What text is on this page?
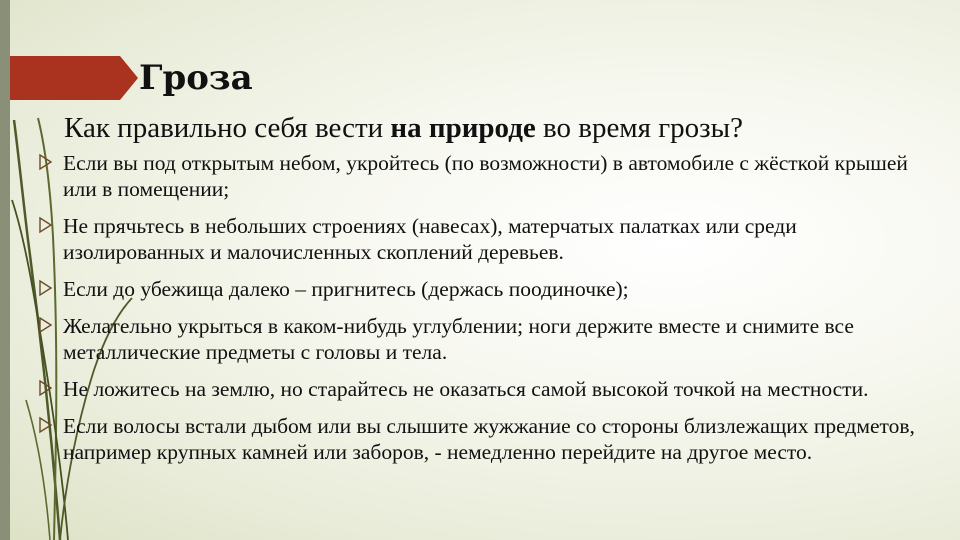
Гроза
Как правильно себя вести на природе во время грозы?
Если вы под открытым небом, укройтесь (по возможности) в автомобиле с жёсткой крышей или в помещении;
Не прячьтесь в небольших строениях (навесах), матерчатых палатках или среди изолированных и малочисленных скоплений деревьев.
Если до убежища далеко – пригнитесь (держась поодиночке);
Желательно укрыться в каком-нибудь углублении; ноги держите вместе и снимите все металлические предметы с головы и тела.
Не ложитесь на землю, но старайтесь не оказаться самой высокой точкой на местности.
Если волосы встали дыбом или вы слышите жужжание со стороны близлежащих предметов, например крупных камней или заборов, - немедленно перейдите на другое место.
